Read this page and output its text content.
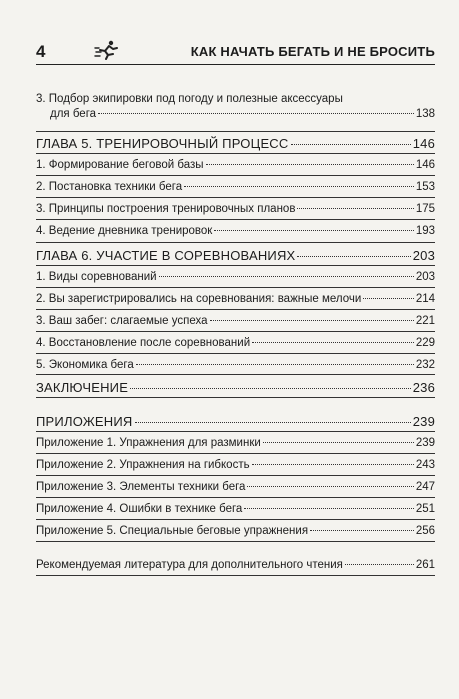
4	КАК НАЧАТЬ БЕГАТЬ И НЕ БРОСИТЬ
3. Подбор экипировки под погоду и полезные аксессуары
для бега	138
ГЛАВА 5. ТРЕНИРОВОЧНЫЙ ПРОЦЕСС	146
1. Формирование беговой базы	146
2. Постановка техники бега	153
3. Принципы построения тренировочных планов	175
4. Ведение дневника тренировок	193
ГЛАВА 6. УЧАСТИЕ В СОРЕВНОВАНИЯХ	203
1. Виды соревнований	203
2. Вы зарегистрировались на соревнования: важные мелочи	214
3. Ваш забег: слагаемые успеха	221
4. Восстановление после соревнований	229
5. Экономика бега	232
ЗАКЛЮЧЕНИЕ	236
ПРИЛОЖЕНИЯ	239
Приложение 1. Упражнения для разминки	239
Приложение 2. Упражнения на гибкость	243
Приложение 3. Элементы техники бега	247
Приложение 4. Ошибки в технике бега	251
Приложение 5. Специальные беговые упражнения	256
Рекомендуемая литература для дополнительного чтения	261
